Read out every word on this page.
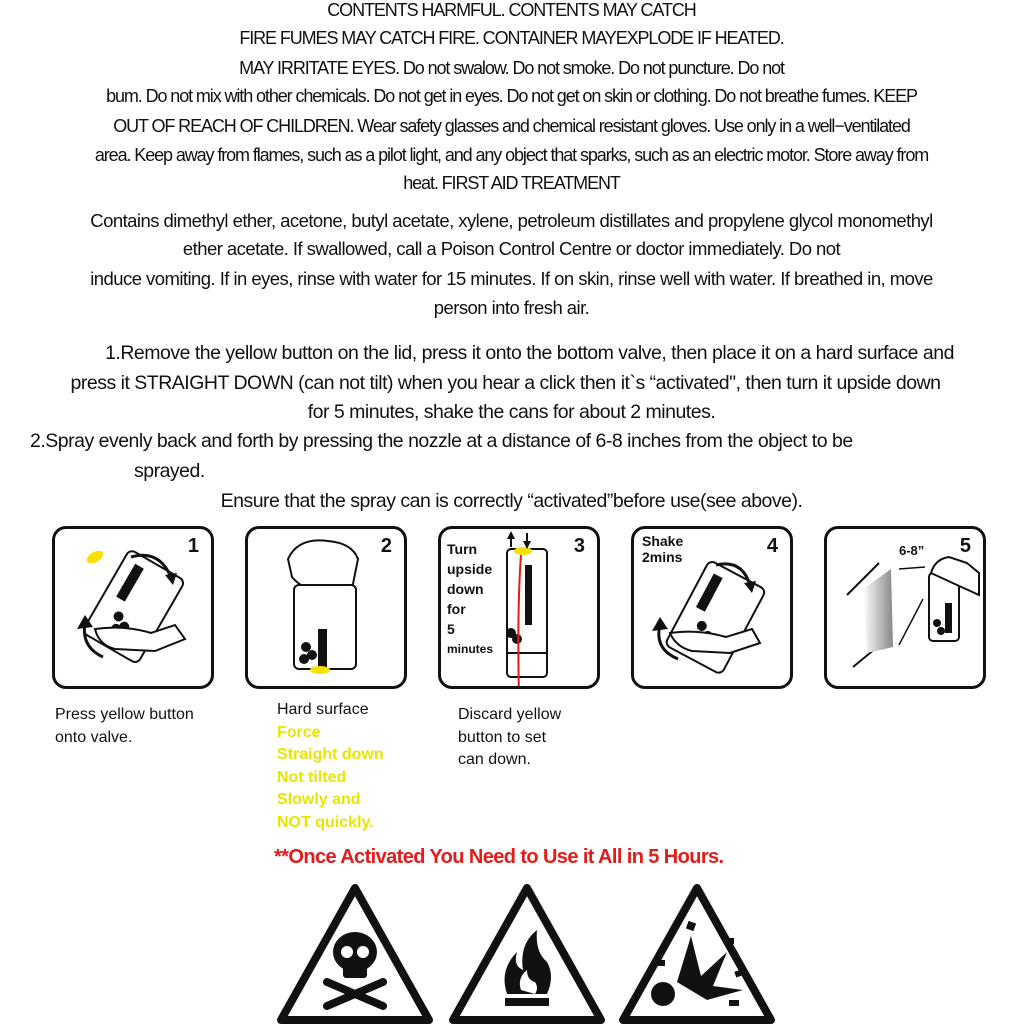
CONTENTS HARMFUL. CONTENTS MAY CATCH
FIRE FUMES MAY CATCH FIRE. CONTAINER MAYEXPLODE IF HEATED.
MAY IRRITATE EYES. Do not swalow. Do not smoke. Do not puncture. Do not
bum. Do not mix with other chemicals. Do not get in eyes. Do not get on skin or clothing. Do not breathe fumes. KEEP
OUT OF REACH OF CHILDREN. Wear safety glasses and chemical resistant gloves. Use only in a well−ventilated
area. Keep away from flames, such as a pilot light, and any object that sparks, such as an electric motor. Store away from
heat. FIRST AID TREATMENT
Contains dimethyl ether, acetone, butyl acetate, xylene, petroleum distillates and propylene glycol monomethyl
ether acetate. If swallowed, call a Poison Control Centre or doctor immediately. Do not
induce vomiting. If in eyes, rinse with water for 15 minutes. If on skin, rinse well with water. If breathed in, move
person into fresh air.
1.Remove the yellow button on the lid, press it onto the bottom valve, then place it on a hard surface and
press it STRAIGHT DOWN (can not tilt) when you hear a click then it`s “activated", then turn it upside down
for 5 minutes, shake the cans for about 2 minutes.
2.Spray evenly back and forth by pressing the nozzle at a distance of 6-8 inches from the object to be
sprayed.
Ensure that the spray can is correctly “activated”before use(see above).
1	2	3
Turn
upside
down
for
5
minutes
4
Shake
2mins	5
6-8”
Press yellow button
onto valve.
Hard surface
Force
Straight down
Not tilted
Slowly and
NOT quickly.
Discard yellow
button to set
can down.
**Once Activated You Need to Use it All in 5 Hours.
